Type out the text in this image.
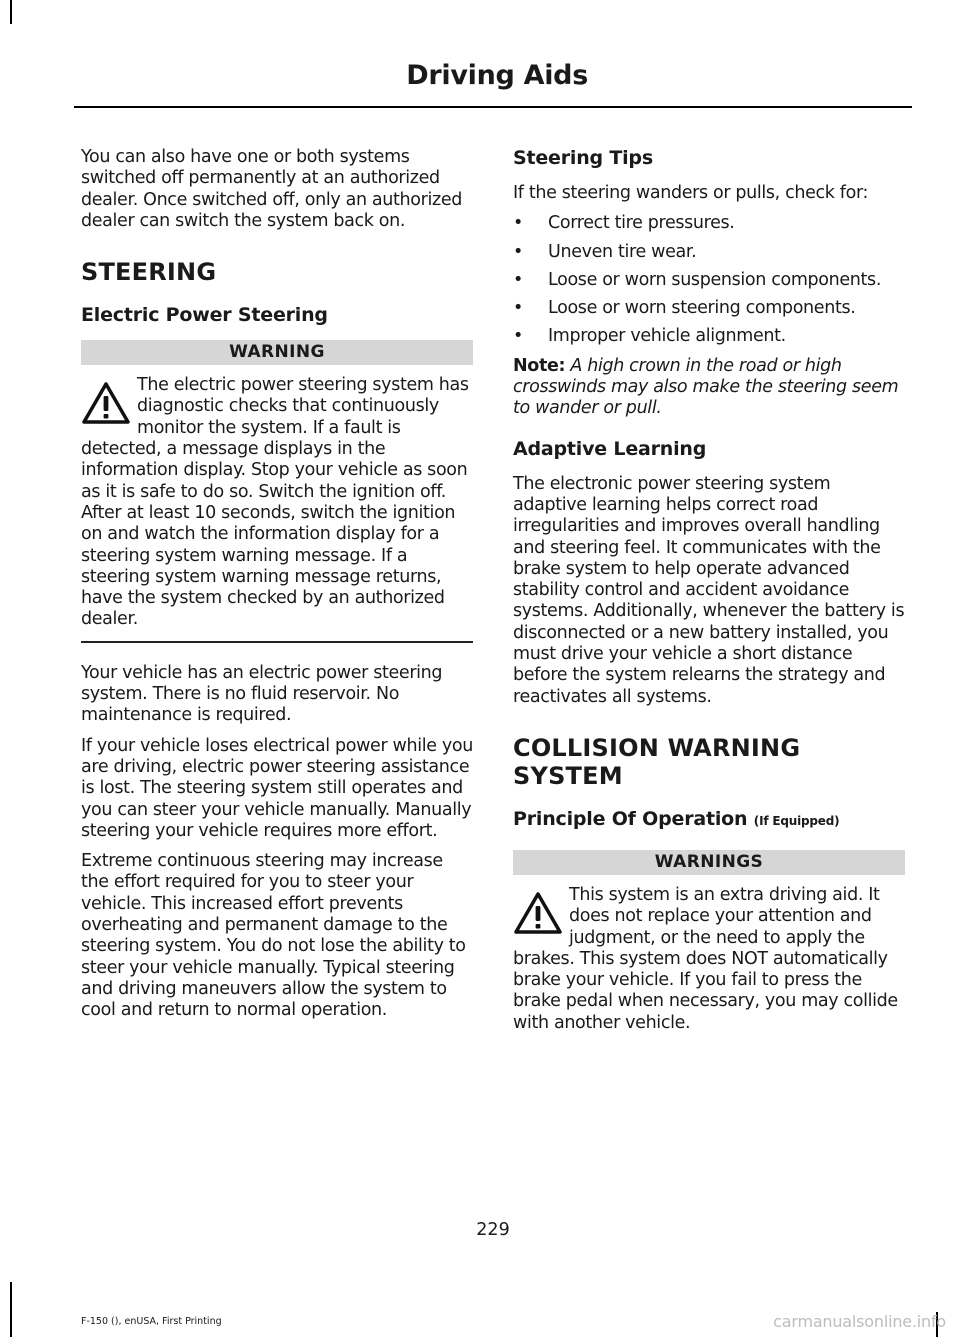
Driving Aids

You can also have one or both systems switched off permanently at an authorized dealer. Once switched off, only an authorized dealer can switch the system back on.

STEERING
Electric Power Steering
WARNING

The electric power steering system has diagnostic checks that continuously monitor the system. If a fault is detected, a message displays in the information display. Stop your vehicle as soon as it is safe to do so. Switch the ignition off. After at least 10 seconds, switch the ignition on and watch the information display for a steering system warning message. If a steering system warning message returns, have the system checked by an authorized dealer.

Your vehicle has an electric power steering system. There is no fluid reservoir. No maintenance is required.

If your vehicle loses electrical power while you are driving, electric power steering assistance is lost. The steering system still operates and you can steer your vehicle manually. Manually steering your vehicle requires more effort.

Extreme continuous steering may increase the effort required for you to steer your vehicle. This increased effort prevents overheating and permanent damage to the steering system. You do not lose the ability to steer your vehicle manually. Typical steering and driving maneuvers allow the system to cool and return to normal operation.

Steering Tips

If the steering wanders or pulls, check for:

• Correct tire pressures.
• Uneven tire wear.
• Loose or worn suspension components.
• Loose or worn steering components.
• Improper vehicle alignment.

Note: A high crown in the road or high crosswinds may also make the steering seem to wander or pull.

Adaptive Learning

The electronic power steering system adaptive learning helps correct road irregularities and improves overall handling and steering feel. It communicates with the brake system to help operate advanced stability control and accident avoidance systems. Additionally, whenever the battery is disconnected or a new battery installed, you must drive your vehicle a short distance before the system relearns the strategy and reactivates all systems.

COLLISION WARNING SYSTEM
Principle Of Operation (If Equipped)
WARNINGS

This system is an extra driving aid. It does not replace your attention and judgment, or the need to apply the brakes. This system does NOT automatically brake your vehicle. If you fail to press the brake pedal when necessary, you may collide with another vehicle.

229
F-150 (), enUSA, First Printing	carmanualsonline.info
